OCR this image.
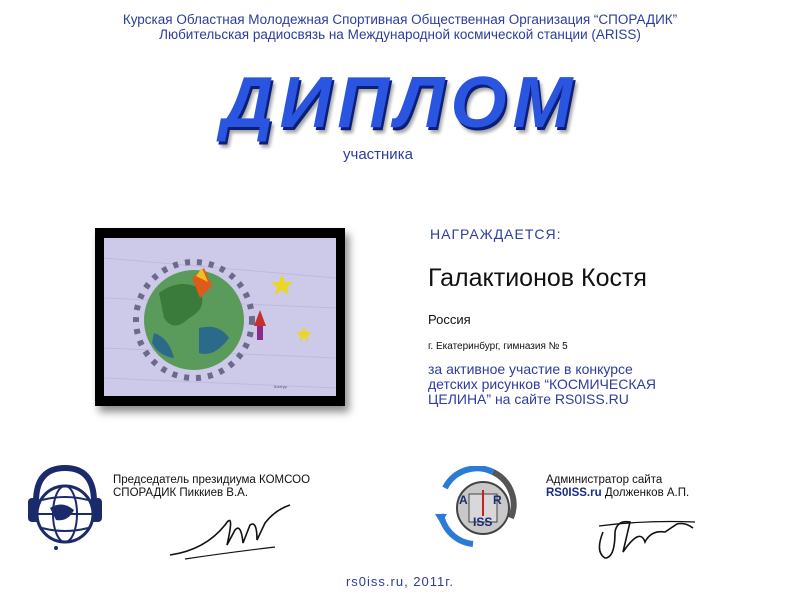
Курская Областная Молодежная Спортивная Общественная Организация “СПОРАДИК”
Любительская радиосвязь на Международной космической станции (ARISS)
ДИПЛОМ
участника
Контур
НАГРАЖДАЕТСЯ:
Галактионов Костя
Россия
г. Екатеринбург, гимназия № 5
за активное участие в конкурсе
детских рисунков “КОСМИЧЕСКАЯ
ЦЕЛИНА” на сайте RS0ISS.RU
Председатель президиума КОМСОО
СПОРАДИК Пиккиев В.А.	A R
ISS
Администратор сайта
RS0ISS.ru Долженков А.П.
rs0iss.ru, 2011г.
